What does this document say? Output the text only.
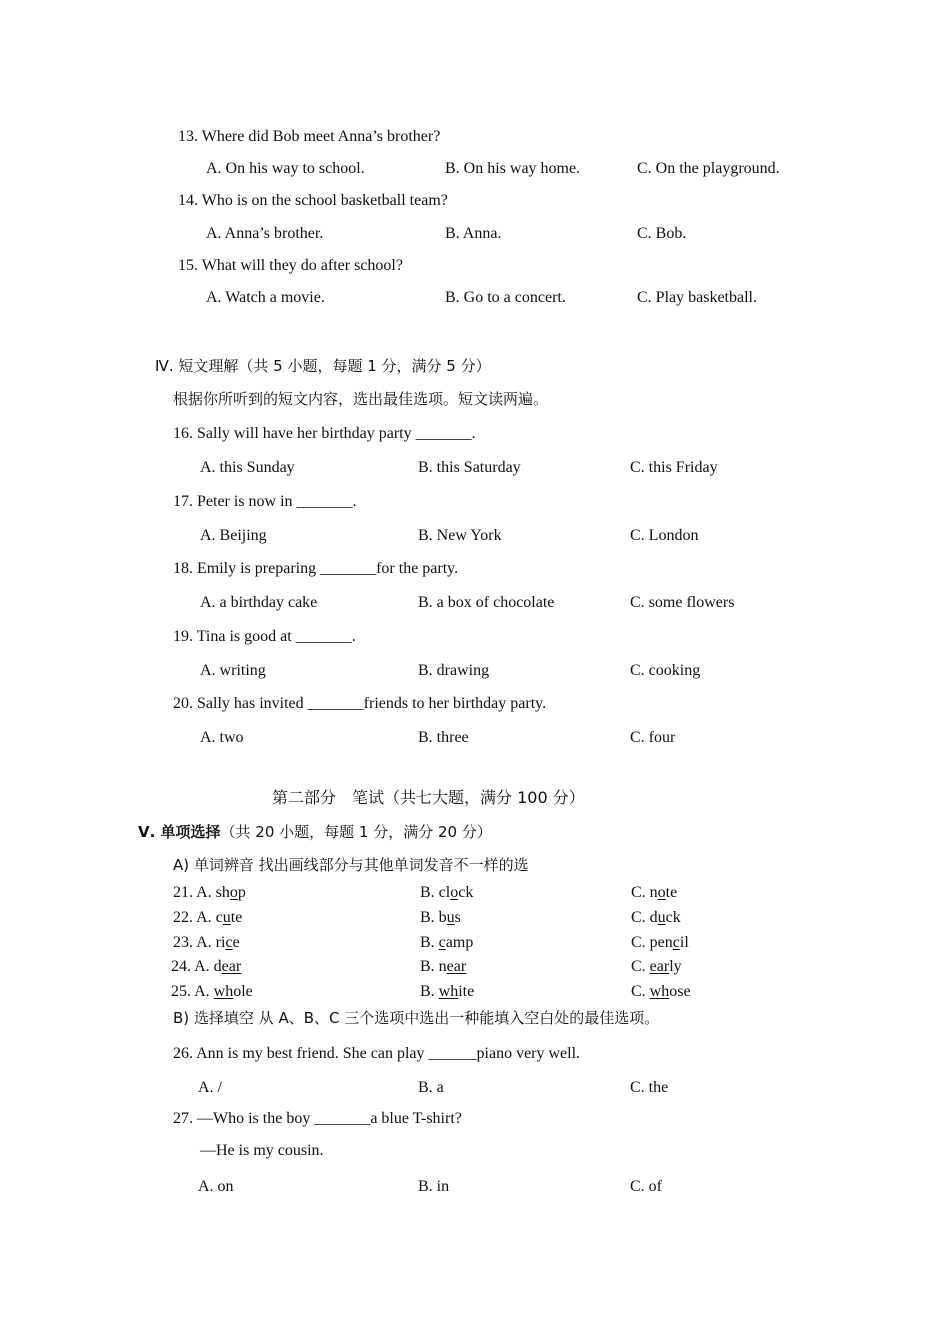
13. Where did Bob meet Anna’s brother?
A. On his way to school.	B. On his way home.	C. On the playground.
14. Who is on the school basketball team?
A. Anna’s brother.	B. Anna.	C. Bob.
15. What will they do after school?
A. Watch a movie.	B. Go to a concert.	C. Play basketball.
Ⅳ. 短文理解（共 5 小题，每题 1 分，满分 5 分）
根据你所听到的短文内容，选出最佳选项。短文读两遍。
16. Sally will have her birthday party _______.
A. this Sunday	B. this Saturday	C. this Friday
17. Peter is now in _______.
A. Beijing	B. New York	C. London
18. Emily is preparing _______for the party.
A. a birthday cake	B. a box of chocolate	C. some flowers
19. Tina is good at _______.
A. writing	B. drawing	C. cooking
20. Sally has invited _______friends to her birthday party.
A. two	B. three	C. four
第二部分　笔试（共七大题，满分 100 分）
Ⅴ. 单项选择（共 20 小题，每题 1 分，满分 20 分）
A) 单词辨音 找出画线部分与其他单词发音不一样的选
21. A. shop	B. clock	C. note
22. A. cute	B. bus	C. duck
23. A. rice	B. camp	C. pencil
24. A. dear	B. near	C. early
25. A. whole	B. white	C. whose
B) 选择填空 从 A、B、C 三个选项中选出一种能填入空白处的最佳选项。
26. Ann is my best friend. She can play ______piano very well.
A. /	B. a	C. the
27. —Who is the boy _______a blue T-shirt?
—He is my cousin.
A. on	B. in	C. of
